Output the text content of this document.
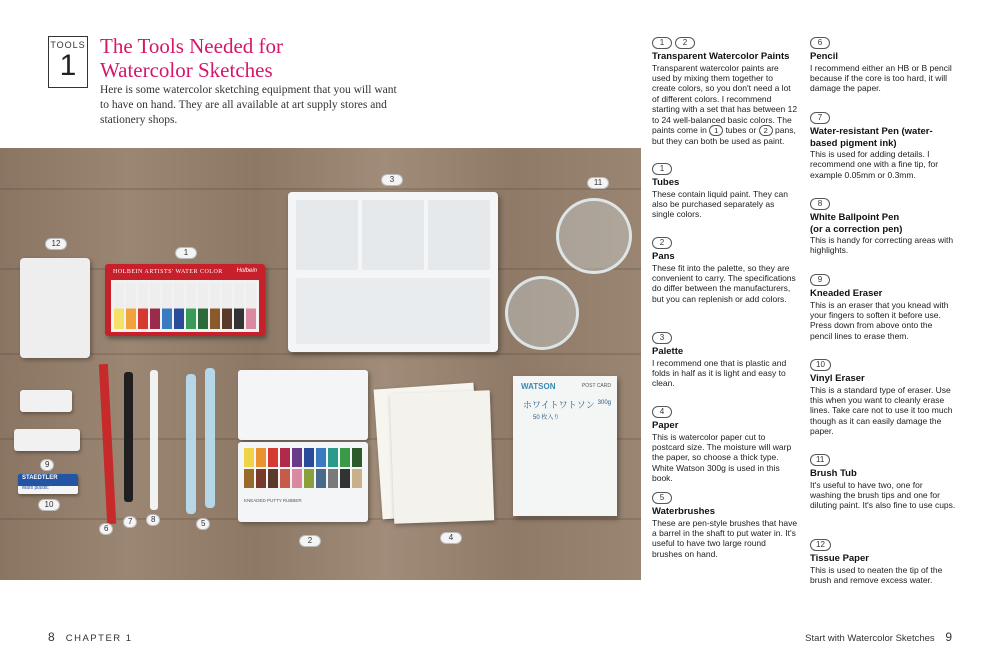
TOOLS
1
The Tools Needed for
Watercolor Sketches

Here is some watercolor sketching equipment that you will want to have on hand. They are all available at art supply stores and stationery shops.

HOLBEIN ARTISTS' WATER COLOR Holbein
STAEDTLER
Mars plastic
KNEADED PUTTY RUBBER
WATSON	POST CARD
ホワイトワトソン 300g
50 枚入り
1
2
3
4
5
6
7	8
9
10
11
12
1	2
Transparent Watercolor Paints
Transparent watercolor paints are used by mixing them together to create colors, so you don't need a lot of different colors. I recommend starting with a set that has between 12 to 24 well-balanced basic colors. The paints come in 1 tubes or 2 pans, but they can both be used as paint.
1
Tubes
These contain liquid paint. They can also be purchased separately as single colors.
2
Pans
These fit into the palette, so they are convenient to carry. The specifications do differ between the manufacturers, but you can replenish or add colors.
3
Palette
I recommend one that is plastic and folds in half as it is light and easy to clean.
4
Paper
This is watercolor paper cut to postcard size. The moisture will warp the paper, so choose a thick type. White Watson 300g is used in this book.
5
Waterbrushes
These are pen-style brushes that have a barrel in the shaft to put water in. It's useful to have two large round brushes on hand.
6
Pencil
I recommend either an HB or B pencil because if the core is too hard, it will damage the paper.
7
Water-resistant Pen (water-
based pigment ink)
This is used for adding details. I recommend one with a fine tip, for example 0.05mm or 0.3mm.
8
White Ballpoint Pen
(or a correction pen)
This is handy for correcting areas with highlights.
9
Kneaded Eraser
This is an eraser that you knead with your fingers to soften it before use. Press down from above onto the pencil lines to erase them.
10
Vinyl Eraser
This is a standard type of eraser. Use this when you want to cleanly erase lines. Take care not to use it too much though as it can easily damage the paper.
11
Brush Tub
It's useful to have two, one for washing the brush tips and one for diluting paint. It's also fine to use cups.
12
Tissue Paper
This is used to neaten the tip of the brush and remove excess water.
8 CHAPTER 1	Start with Watercolor Sketches 9
